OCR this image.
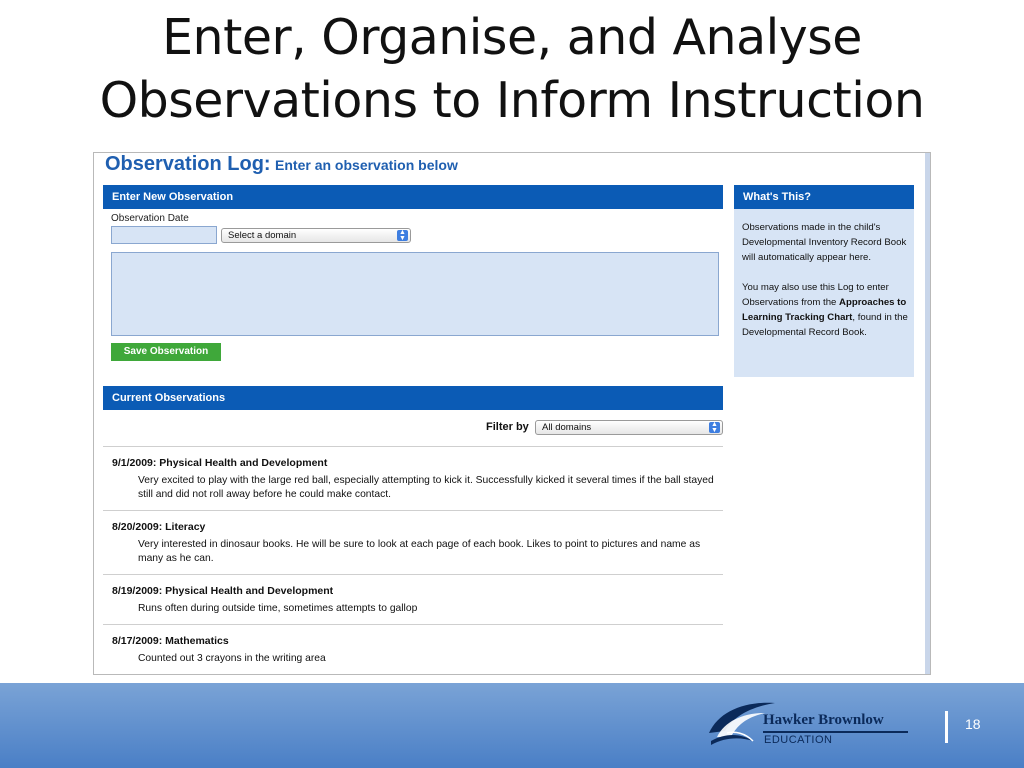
Enter, Organise, and Analyse
Observations to Inform Instruction
Observation Log: Enter an observation below
Enter New Observation
Observation Date
Select a domain	▲
▼
Save Observation
Current Observations
Filter by	All domains	▲
▼
9/1/2009: Physical Health and Development
Very excited to play with the large red ball, especially attempting to kick it. Successfully kicked it several times if the ball stayed still and did not roll away before he could make contact.
8/20/2009: Literacy
Very interested in dinosaur books. He will be sure to look at each page of each book. Likes to point to pictures and name as many as he can.
8/19/2009: Physical Health and Development
Runs often during outside time, sometimes attempts to gallop
8/17/2009: Mathematics
Counted out 3 crayons in the writing area
What's This?

Observations made in the child's Developmental Inventory Record Book will automatically appear here.

You may also use this Log to enter Observations from the Approaches to Learning Tracking Chart, found in the Developmental Record Book.

Hawker Brownlow
EDUCATION
18
